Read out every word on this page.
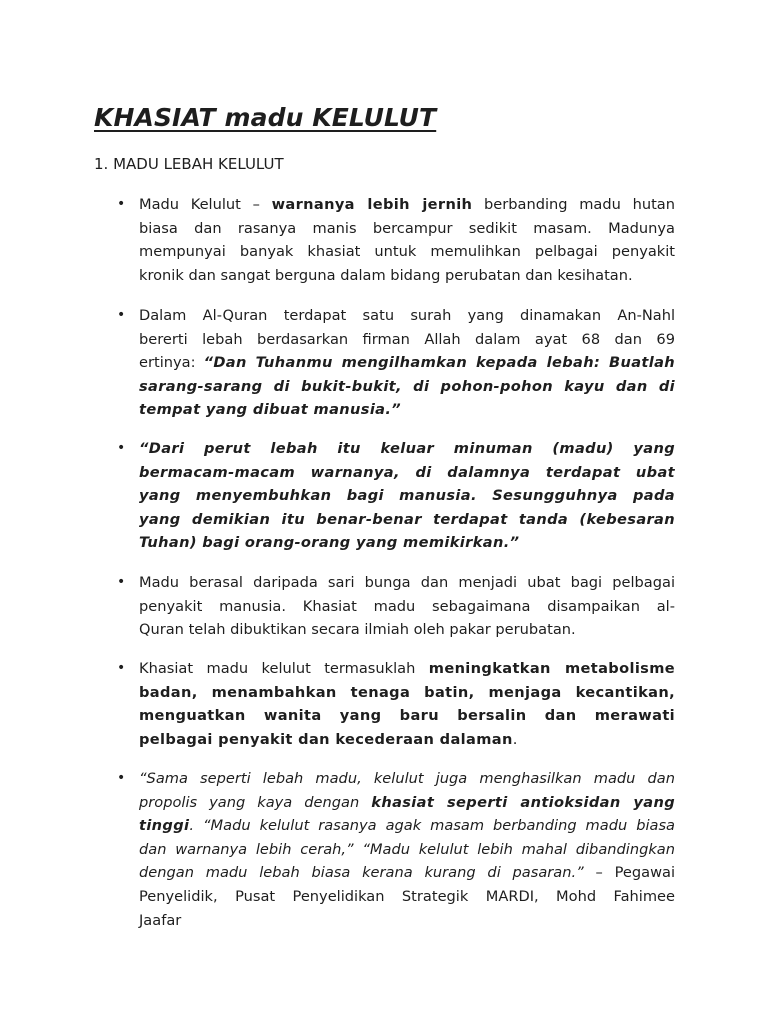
KHASIAT madu KELULUT
1. MADU LEBAH KELULUT
• Madu Kelulut – warnanya lebih jernih berbanding madu hutan
biasa dan rasanya manis bercampur sedikit masam. Madunya
mempunyai banyak khasiat untuk memulihkan pelbagai penyakit
kronik dan sangat berguna dalam bidang perubatan dan kesihatan.
• Dalam Al-Quran terdapat satu surah yang dinamakan An-Nahl
bererti lebah berdasarkan firman Allah dalam ayat 68 dan 69
ertinya: “Dan Tuhanmu mengilhamkan kepada lebah: Buatlah
sarang-sarang di bukit-bukit, di pohon-pohon kayu dan di
tempat yang dibuat manusia.”
• “Dari perut lebah itu keluar minuman (madu) yang
bermacam-macam warnanya, di dalamnya terdapat ubat
yang menyembuhkan bagi manusia. Sesungguhnya pada
yang demikian itu benar-benar terdapat tanda (kebesaran
Tuhan) bagi orang-orang yang memikirkan.”
• Madu berasal daripada sari bunga dan menjadi ubat bagi pelbagai
penyakit manusia. Khasiat madu sebagaimana disampaikan al-
Quran telah dibuktikan secara ilmiah oleh pakar perubatan.
• Khasiat madu kelulut termasuklah meningkatkan metabolisme
badan, menambahkan tenaga batin, menjaga kecantikan,
menguatkan wanita yang baru bersalin dan merawati
pelbagai penyakit dan kecederaan dalaman.
• “Sama seperti lebah madu, kelulut juga menghasilkan madu dan
propolis yang kaya dengan khasiat seperti antioksidan yang
tinggi. “Madu kelulut rasanya agak masam berbanding madu biasa
dan warnanya lebih cerah,” “Madu kelulut lebih mahal dibandingkan
dengan madu lebah biasa kerana kurang di pasaran.” – Pegawai
Penyelidik, Pusat Penyelidikan Strategik MARDI, Mohd Fahimee
Jaafar
